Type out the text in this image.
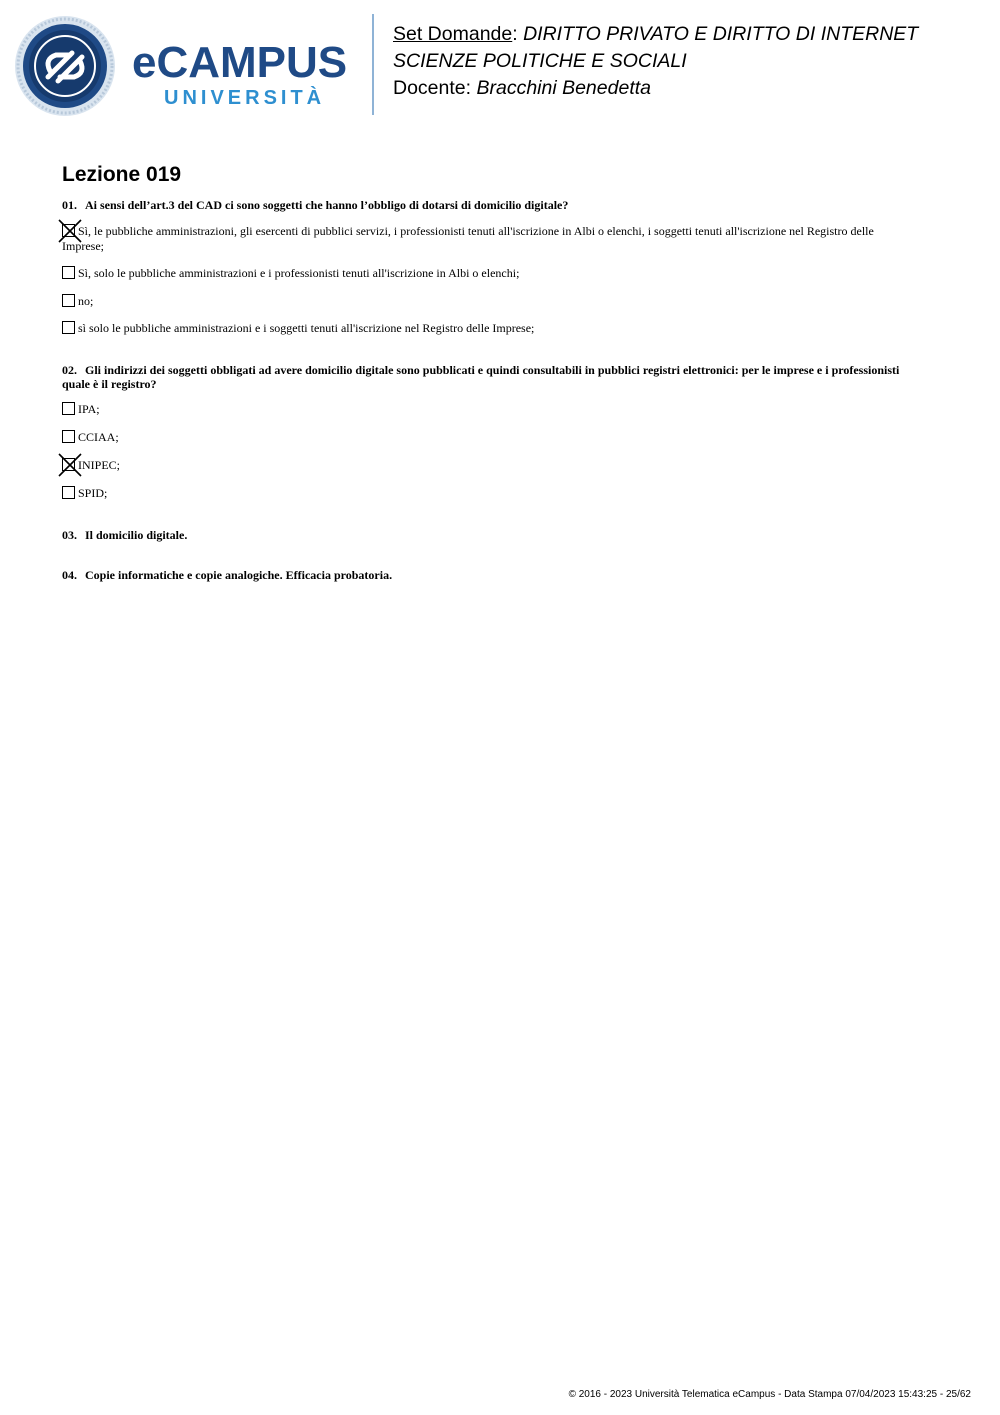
eCAMPUS
UNIVERSITÀ
Set Domande: DIRITTO PRIVATO E DIRITTO DI INTERNET
SCIENZE POLITICHE E SOCIALI
Docente: Bracchini Benedetta
Lezione 019
01. Ai sensi dell’art.3 del CAD ci sono soggetti che hanno l’obbligo di dotarsi di domicilio digitale?
Sì, le pubbliche amministrazioni, gli esercenti di pubblici servizi, i professionisti tenuti all'iscrizione in Albi o elenchi, i soggetti tenuti all'iscrizione nel Registro delle Imprese;
Sì, solo le pubbliche amministrazioni e i professionisti tenuti all'iscrizione in Albi o elenchi;
no;
sì solo le pubbliche amministrazioni e i soggetti tenuti all'iscrizione nel Registro delle Imprese;
02. Gli indirizzi dei soggetti obbligati ad avere domicilio digitale sono pubblicati e quindi consultabili in pubblici registri elettronici: per le imprese e i professionisti quale è il registro?
IPA;
CCIAA;
INIPEC;
SPID;
03. Il domicilio digitale.
04. Copie informatiche e copie analogiche. Efficacia probatoria.
© 2016 - 2023 Università Telematica eCampus - Data Stampa 07/04/2023 15:43:25 - 25/62
